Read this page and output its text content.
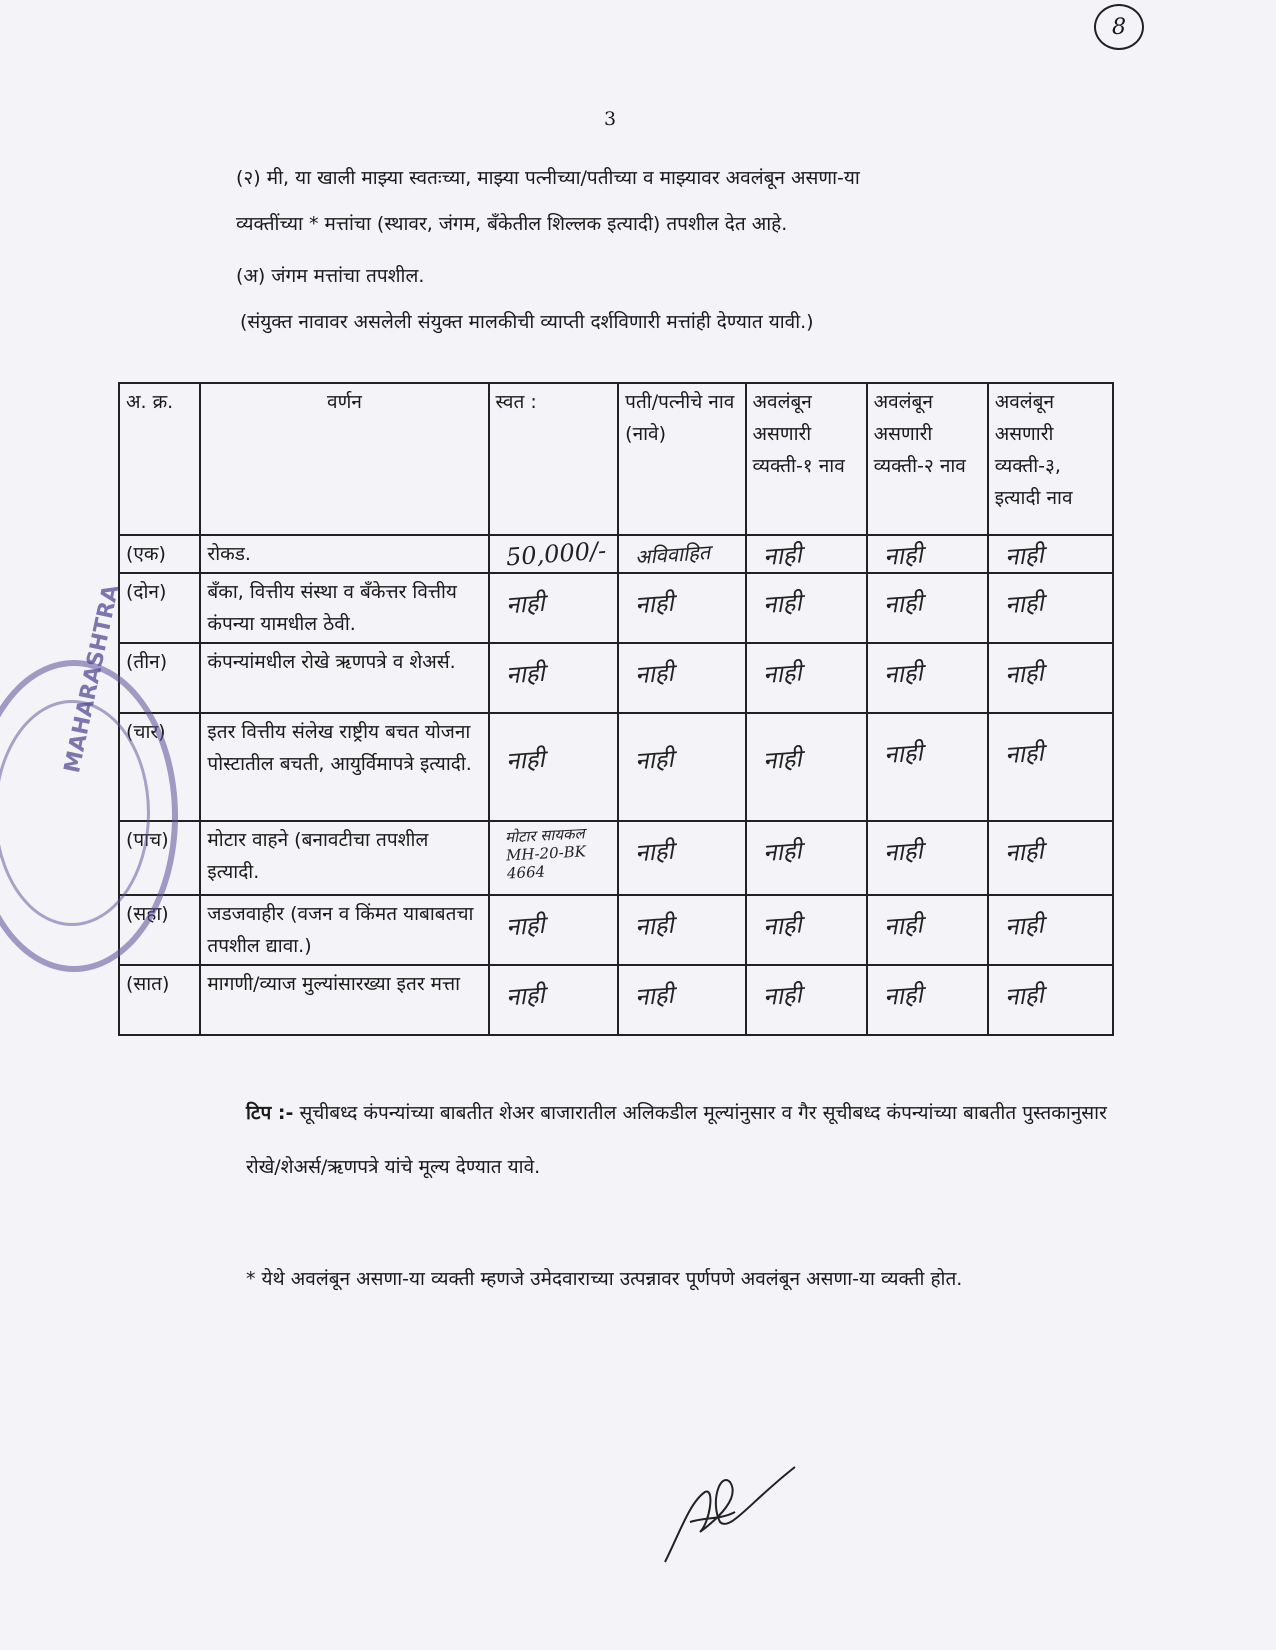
8
3
(२) मी, या खाली माझ्या स्वतःच्या, माझ्या पत्नीच्या/पतीच्या व माझ्यावर अवलंबून असणा-या
व्यक्तींच्या * मत्तांचा (स्थावर, जंगम, बँकेतील शिल्लक इत्यादी) तपशील देत आहे.
(अ) जंगम मत्तांचा तपशील.
(संयुक्त नावावर असलेली संयुक्त मालकीची व्याप्ती दर्शविणारी मत्तांही देण्यात यावी.)
अ. क्र.	वर्णन	स्वत :	पती/पत्नीचे नाव (नावे)	अवलंबून असणारी व्यक्ती-१ नाव	अवलंबून असणारी व्यक्ती-२ नाव	अवलंबून असणारी व्यक्ती-३, इत्यादी नाव
(एक)	रोकड.	50,000/-	अविवाहित	नाही	नाही	नाही

(दोन)	बँका, वित्तीय संस्था व बँकेत्तर वित्तीय कंपन्या यामधील ठेवी.	नाही	नाही	नाही	नाही	नाही

(तीन)	कंपन्यांमधील रोखे ऋणपत्रे व शेअर्स.	नाही	नाही	नाही	नाही	नाही

(चार)	इतर वित्तीय संलेख राष्ट्रीय बचत योजना पोस्टातील बचती, आयुर्विमापत्रे इत्यादी.	नाही	नाही	नाही	नाही	नाही

(पाच)	मोटार वाहने (बनावटीचा तपशील इत्यादी.	मोटार सायकल MH-20-BK 4664	नाही	नाही	नाही	नाही

(सहा)	जडजवाहीर (वजन व किंमत याबाबतचा तपशील द्यावा.)	नाही	नाही	नाही	नाही	नाही

(सात)	मागणी/व्याज मुल्यांसारख्या इतर मत्ता	नाही	नाही	नाही	नाही	नाही
टिप :- सूचीबध्द कंपन्यांच्या बाबतीत शेअर बाजारातील अलिकडील मूल्यांनुसार व गैर सूचीबध्द कंपन्यांच्या बाबतीत पुस्तकानुसार रोखे/शेअर्स/ऋणपत्रे यांचे मूल्य देण्यात यावे.
* येथे अवलंबून असणा-या व्यक्ती म्हणजे उमेदवाराच्या उत्पन्नावर पूर्णपणे अवलंबून असणा-या व्यक्ती होत.
MAHARASHTRA
